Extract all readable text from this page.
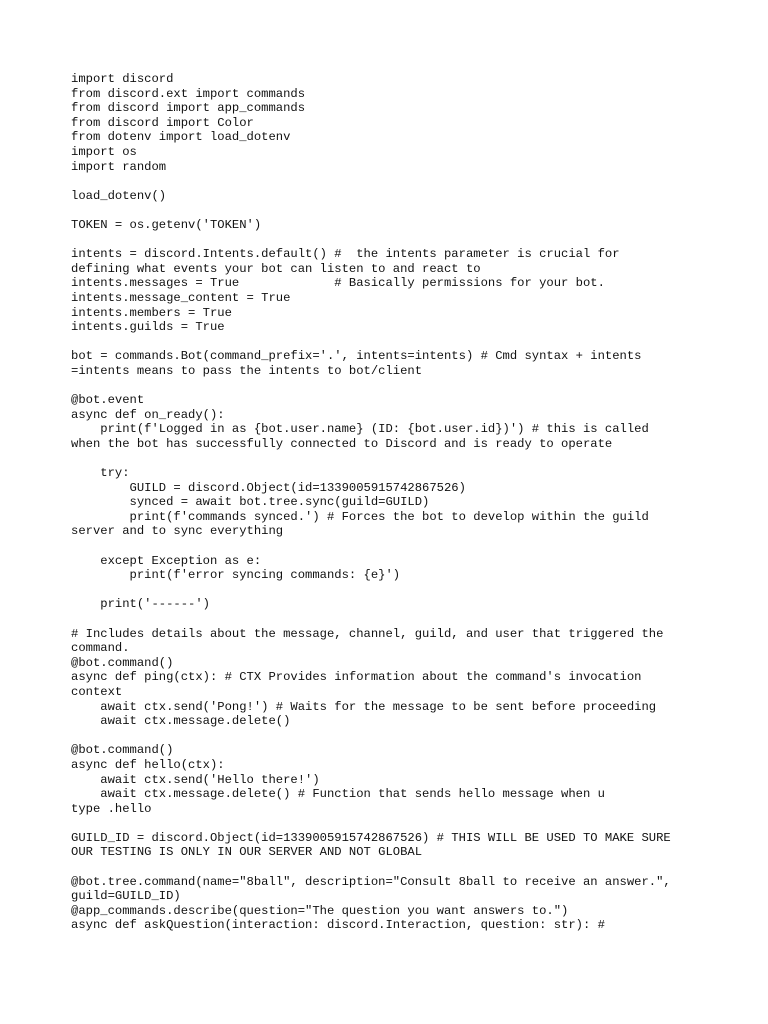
import discord
from discord.ext import commands
from discord import app_commands
from discord import Color
from dotenv import load_dotenv
import os
import random
load_dotenv()
TOKEN = os.getenv('TOKEN')
intents = discord.Intents.default() #  the intents parameter is crucial for
defining what events your bot can listen to and react to
intents.messages = True             # Basically permissions for your bot.
intents.message_content = True
intents.members = True
intents.guilds = True
bot = commands.Bot(command_prefix='.', intents=intents) # Cmd syntax + intents
=intents means to pass the intents to bot/client
@bot.event
async def on_ready():
print(f'Logged in as {bot.user.name} (ID: {bot.user.id})') # this is called
when the bot has successfully connected to Discord and is ready to operate
try:
GUILD = discord.Object(id=1339005915742867526)
synced = await bot.tree.sync(guild=GUILD)
print(f'commands synced.') # Forces the bot to develop within the guild
server and to sync everything
except Exception as e:
print(f'error syncing commands: {e}')
print('------')
# Includes details about the message, channel, guild, and user that triggered the
command.
@bot.command()
async def ping(ctx): # CTX Provides information about the command's invocation
context
await ctx.send('Pong!') # Waits for the message to be sent before proceeding
await ctx.message.delete()
@bot.command()
async def hello(ctx):
await ctx.send('Hello there!')
await ctx.message.delete() # Function that sends hello message when u
type .hello
GUILD_ID = discord.Object(id=1339005915742867526) # THIS WILL BE USED TO MAKE SURE
OUR TESTING IS ONLY IN OUR SERVER AND NOT GLOBAL
@bot.tree.command(name="8ball", description="Consult 8ball to receive an answer.",
guild=GUILD_ID)
@app_commands.describe(question="The question you want answers to.")
async def askQuestion(interaction: discord.Interaction, question: str): #
